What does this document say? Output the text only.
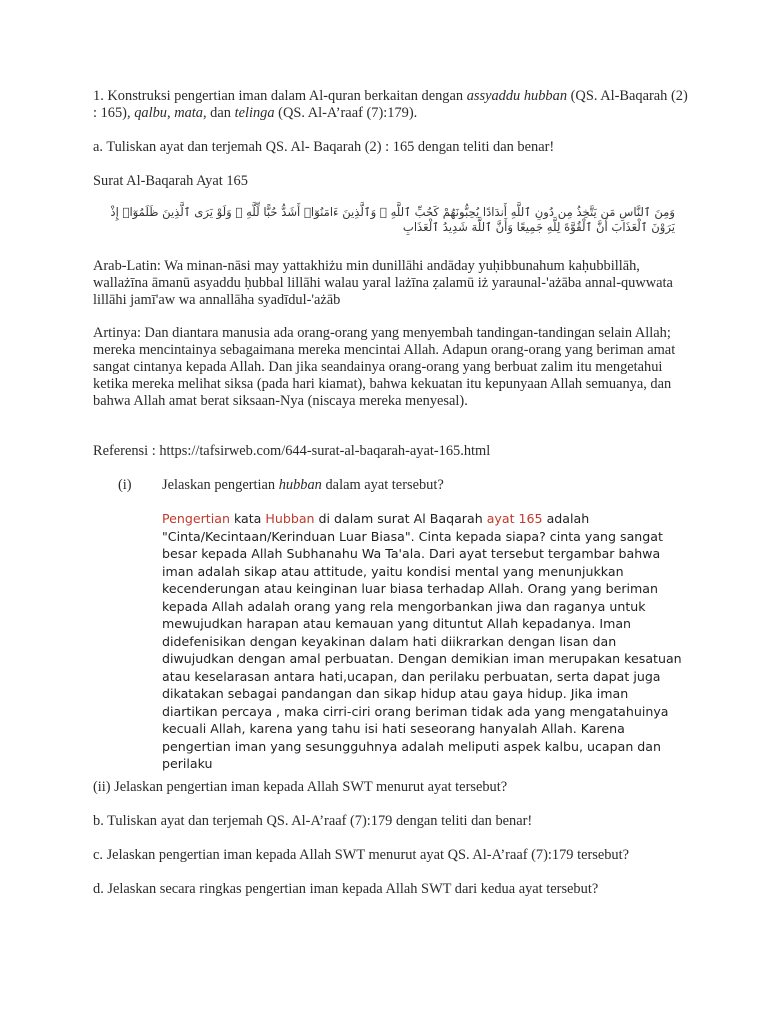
1. Konstruksi pengertian iman dalam Al-quran berkaitan dengan assyaddu hubban (QS. Al-Baqarah (2) : 165), qalbu, mata, dan telinga (QS. Al-A’raaf (7):179).
a. Tuliskan ayat dan terjemah QS. Al- Baqarah (2) : 165 dengan teliti dan benar!
Surat Al-Baqarah Ayat 165
وَمِنَ ٱلنَّاسِ مَن يَتَّخِذُ مِن دُونِ ٱللَّهِ أَندَادًا يُحِبُّونَهُمْ كَحُبِّ ٱللَّهِ ۖ وَٱلَّذِينَ ءَامَنُوٓا۟ أَشَدُّ حُبًّا لِّلَّهِ ۗ وَلَوْ يَرَى ٱلَّذِينَ ظَلَمُوٓا۟ إِذْ يَرَوْنَ ٱلْعَذَابَ أَنَّ ٱلْقُوَّةَ لِلَّهِ جَمِيعًا وَأَنَّ ٱللَّهَ شَدِيدُ ٱلْعَذَابِ
Arab-Latin: Wa minan-nāsi may yattakhiżu min dunillāhi andāday yuḥibbunahum kaḥubbillāh, wallażīna āmanū asyaddu ḥubbal lillāhi walau yaral lażīna ẓalamū iż yaraunal-'ażāba annal-quwwata lillāhi jamī'aw wa annallāha syadīdul-'ażāb
Artinya: Dan diantara manusia ada orang-orang yang menyembah tandingan-tandingan selain Allah; mereka mencintainya sebagaimana mereka mencintai Allah. Adapun orang-orang yang beriman amat sangat cintanya kepada Allah. Dan jika seandainya orang-orang yang berbuat zalim itu mengetahui ketika mereka melihat siksa (pada hari kiamat), bahwa kekuatan itu kepunyaan Allah semuanya, dan bahwa Allah amat berat siksaan-Nya (niscaya mereka menyesal).
Referensi : https://tafsirweb.com/644-surat-al-baqarah-ayat-165.html
(i) Jelaskan pengertian hubban dalam ayat tersebut?
Pengertian kata Hubban di dalam surat Al Baqarah ayat 165 adalah "Cinta/Kecintaan/Kerinduan Luar Biasa". Cinta kepada siapa? cinta yang sangat besar kepada Allah Subhanahu Wa Ta'ala. Dari ayat tersebut tergambar bahwa iman adalah sikap atau attitude, yaitu kondisi mental yang menunjukkan kecenderungan atau keinginan luar biasa terhadap Allah. Orang yang beriman kepada Allah adalah orang yang rela mengorbankan jiwa dan raganya untuk mewujudkan harapan atau kemauan yang dituntut Allah kepadanya. Iman didefenisikan dengan keyakinan dalam hati diikrarkan dengan lisan dan diwujudkan dengan amal perbuatan. Dengan demikian iman merupakan kesatuan atau keselarasan antara hati,ucapan, dan perilaku perbuatan, serta dapat juga dikatakan sebagai pandangan dan sikap hidup atau gaya hidup. Jika iman diartikan percaya , maka cirri-ciri orang beriman tidak ada yang mengatahuinya kecuali Allah, karena yang tahu isi hati seseorang hanyalah Allah. Karena pengertian iman yang sesungguhnya adalah meliputi aspek kalbu, ucapan dan perilaku
(ii) Jelaskan pengertian iman kepada Allah SWT menurut ayat tersebut?
b. Tuliskan ayat dan terjemah QS. Al-A’raaf (7):179 dengan teliti dan benar!
c. Jelaskan pengertian iman kepada Allah SWT menurut ayat QS. Al-A’raaf (7):179 tersebut?
d. Jelaskan secara ringkas pengertian iman kepada Allah SWT dari kedua ayat tersebut?
